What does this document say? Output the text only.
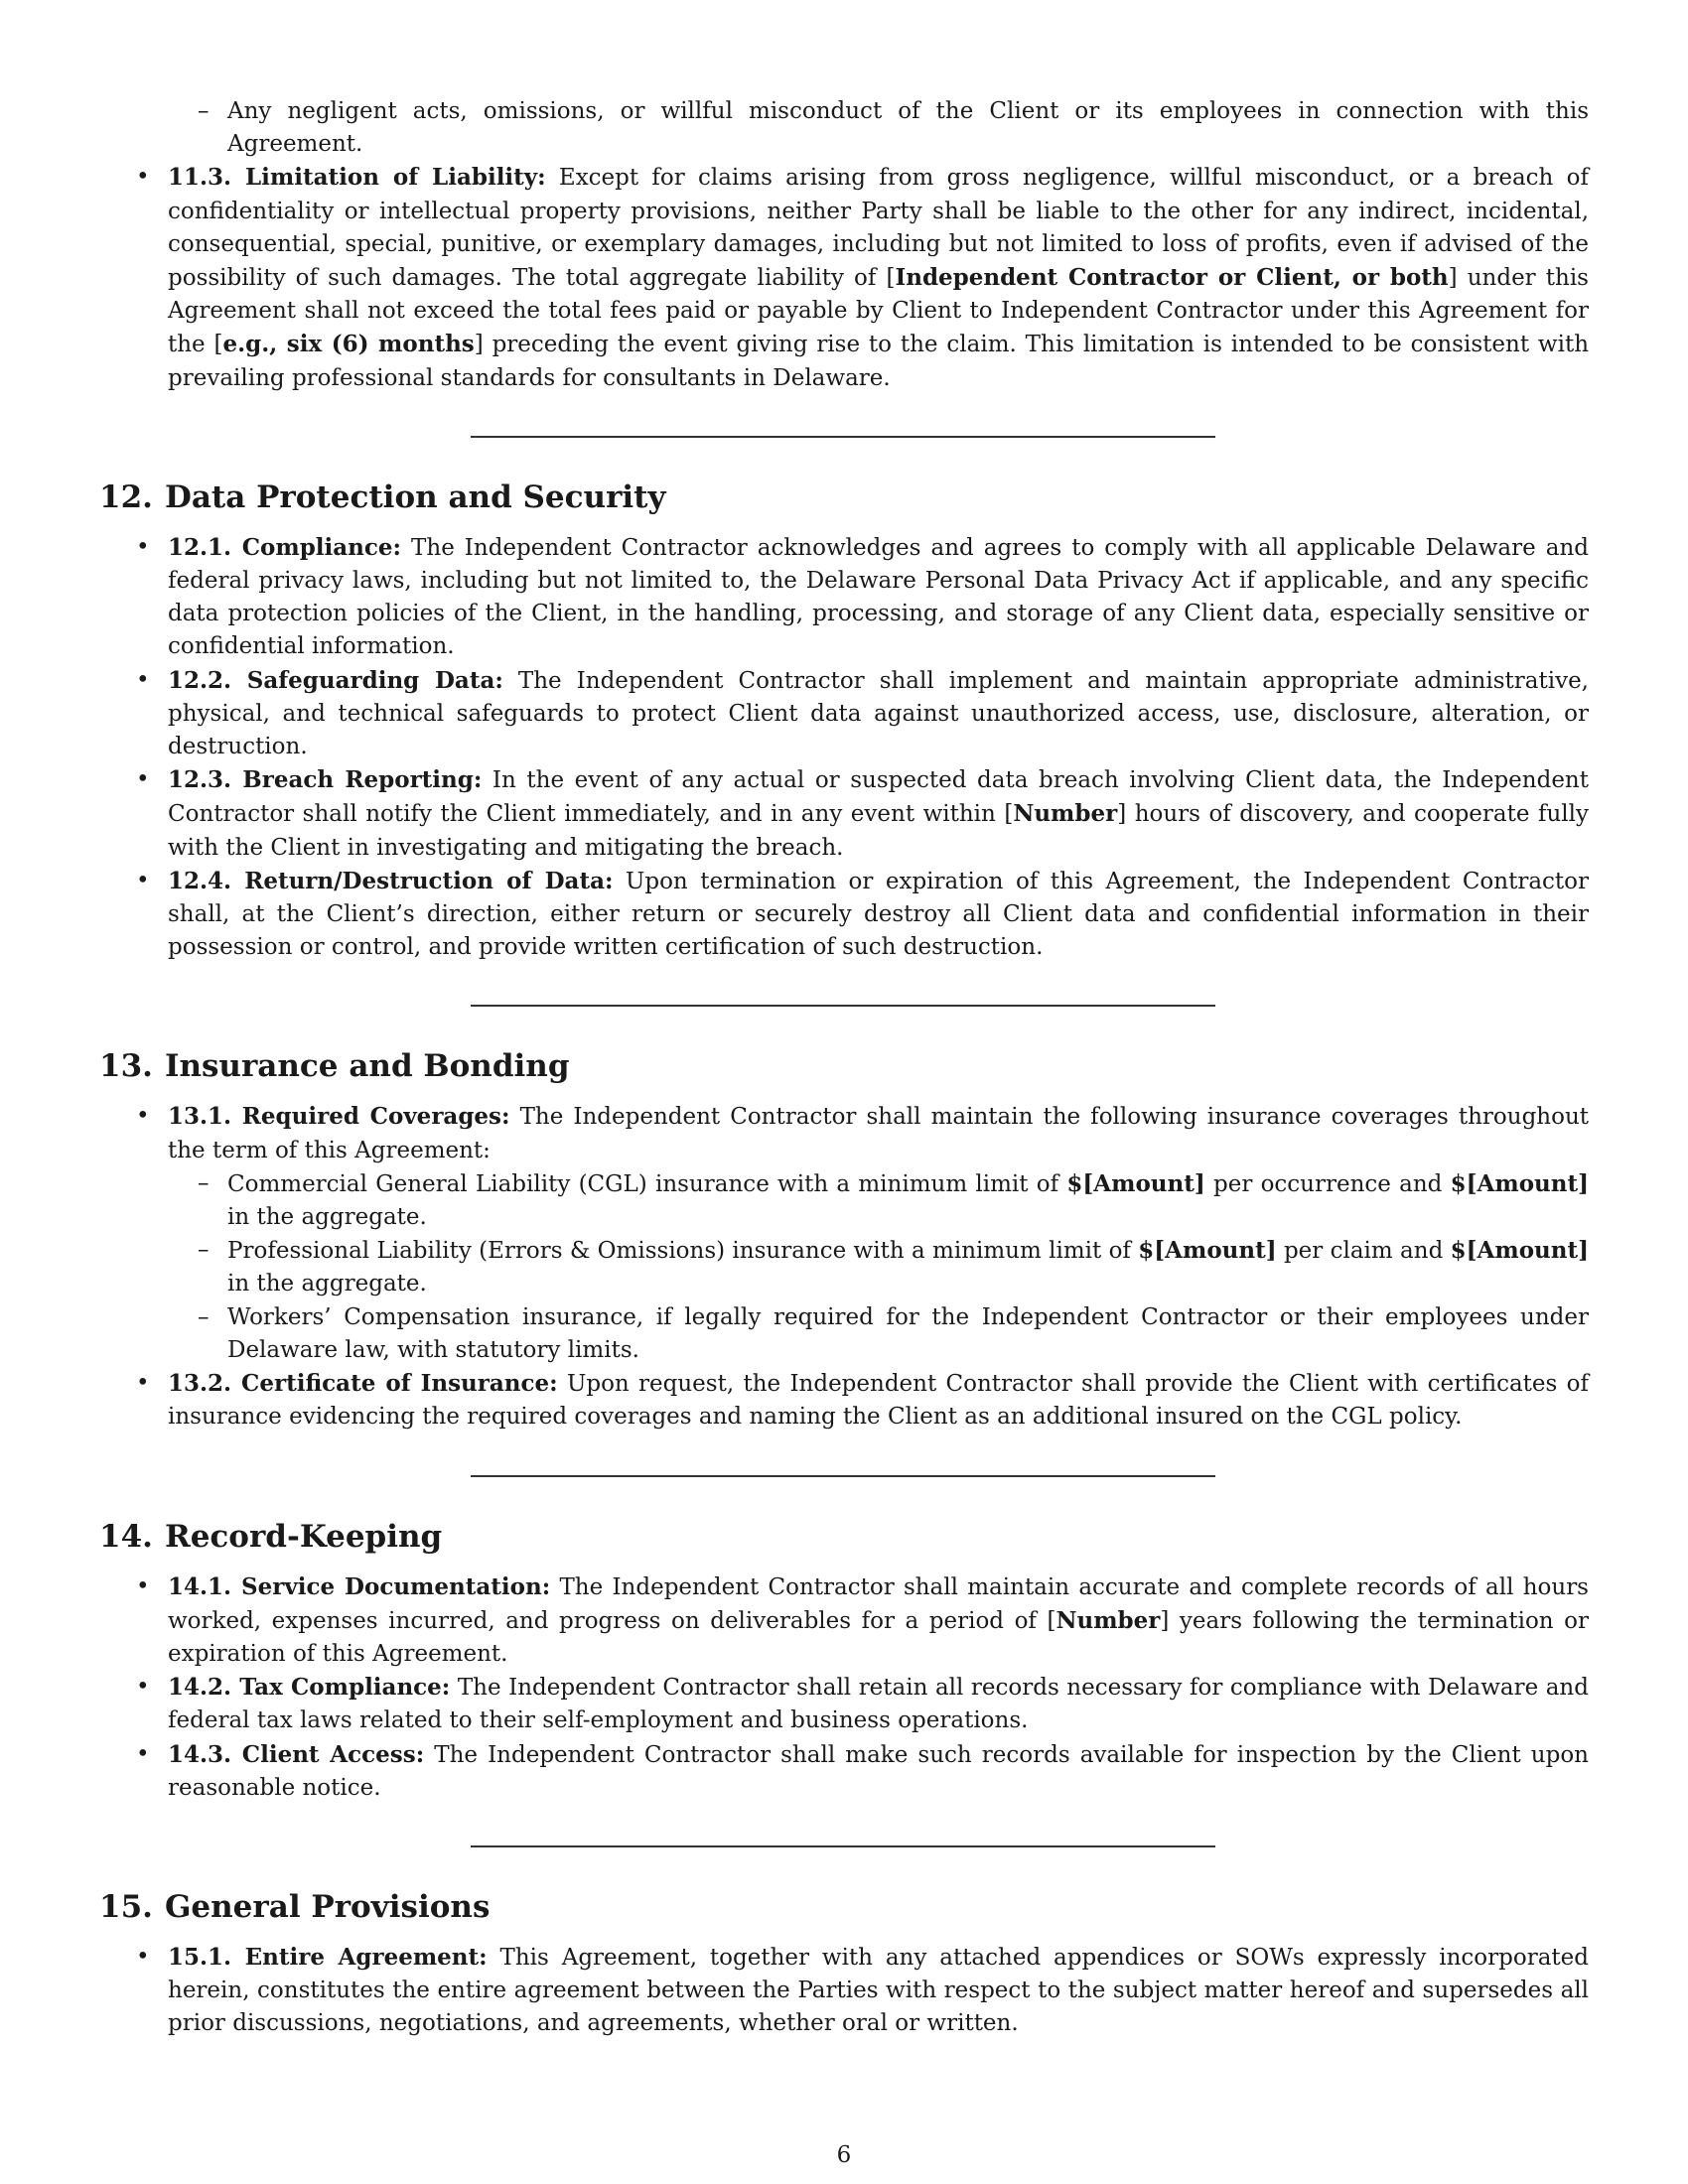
– Any negligent acts, omissions, or willful misconduct of the Client or its employees in connection with this Agreement.
• 11.3. Limitation of Liability: Except for claims arising from gross negligence, willful misconduct, or a breach of confidentiality or intellectual property provisions, neither Party shall be liable to the other for any indirect, incidental, consequential, special, punitive, or exemplary damages, including but not limited to loss of profits, even if advised of the possibility of such damages. The total aggregate liability of [Independent Contractor or Client, or both] under this Agreement shall not exceed the total fees paid or payable by Client to Independent Contractor under this Agreement for the [e.g., six (6) months] preceding the event giving rise to the claim. This limitation is intended to be consistent with prevailing professional standards for consultants in Delaware.
12. Data Protection and Security
• 12.1. Compliance: The Independent Contractor acknowledges and agrees to comply with all applicable Delaware and federal privacy laws, including but not limited to, the Delaware Personal Data Privacy Act if applicable, and any specific data protection policies of the Client, in the handling, processing, and storage of any Client data, especially sensitive or confidential information.
• 12.2. Safeguarding Data: The Independent Contractor shall implement and maintain appropriate administrative, physical, and technical safeguards to protect Client data against unauthorized access, use, disclosure, alteration, or destruction.
• 12.3. Breach Reporting: In the event of any actual or suspected data breach involving Client data, the Independent Contractor shall notify the Client immediately, and in any event within [Number] hours of discovery, and cooperate fully with the Client in investigating and mitigating the breach.
• 12.4. Return/Destruction of Data: Upon termination or expiration of this Agreement, the Independent Contractor shall, at the Client’s direction, either return or securely destroy all Client data and confidential information in their possession or control, and provide written certification of such destruction.
13. Insurance and Bonding
• 13.1. Required Coverages: The Independent Contractor shall maintain the following insurance coverages throughout the term of this Agreement:
– Commercial General Liability (CGL) insurance with a minimum limit of $[Amount] per occurrence and $[Amount] in the aggregate.
– Professional Liability (Errors & Omissions) insurance with a minimum limit of $[Amount] per claim and $[Amount] in the aggregate.
– Workers’ Compensation insurance, if legally required for the Independent Contractor or their employees under Delaware law, with statutory limits.
• 13.2. Certificate of Insurance: Upon request, the Independent Contractor shall provide the Client with certificates of insurance evidencing the required coverages and naming the Client as an additional insured on the CGL policy.
14. Record-Keeping
• 14.1. Service Documentation: The Independent Contractor shall maintain accurate and complete records of all hours worked, expenses incurred, and progress on deliverables for a period of [Number] years following the termination or expiration of this Agreement.
• 14.2. Tax Compliance: The Independent Contractor shall retain all records necessary for compliance with Delaware and federal tax laws related to their self-employment and business operations.
• 14.3. Client Access: The Independent Contractor shall make such records available for inspection by the Client upon reasonable notice.
15. General Provisions
• 15.1. Entire Agreement: This Agreement, together with any attached appendices or SOWs expressly incorporated herein, constitutes the entire agreement between the Parties with respect to the subject matter hereof and supersedes all prior discussions, negotiations, and agreements, whether oral or written.
6
